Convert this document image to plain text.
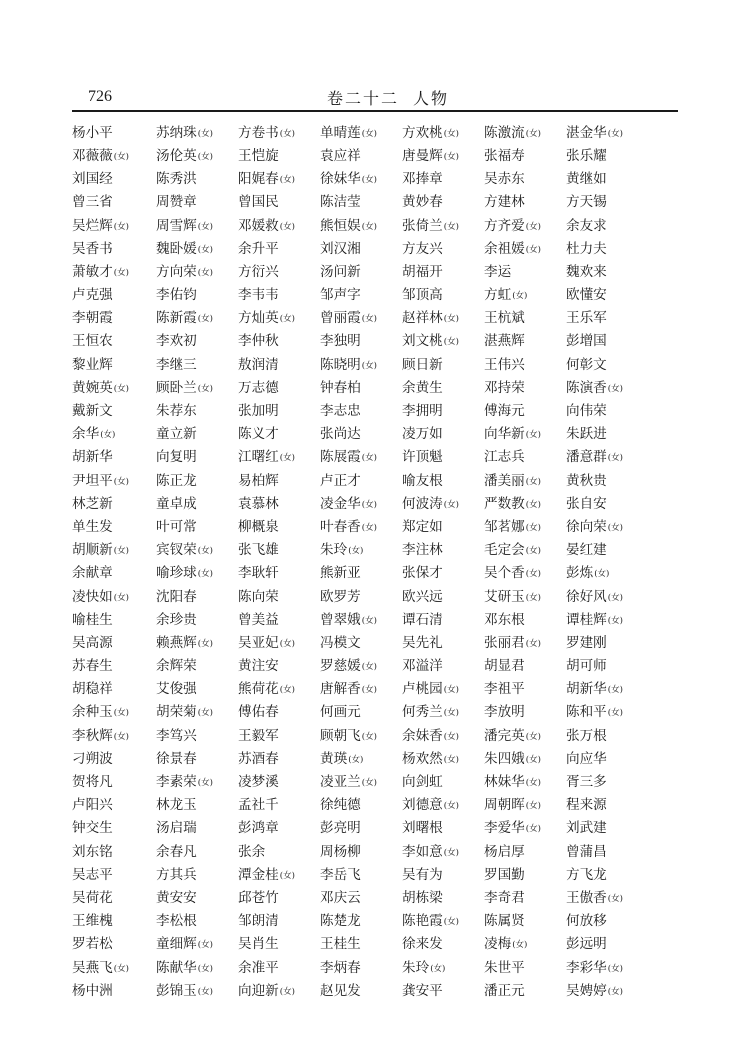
726	卷二十二 人物
杨小平	苏纳珠(女)	方卷书(女)	单晴莲(女)	方欢桃(女)	陈激流(女)	湛金华(女)
邓薇薇(女)	汤伦英(女)	王恺旋	袁应祥	唐曼辉(女)	张福寿	张乐耀
刘国经	陈秀洪	阳娓春(女)	徐妹华(女)	邓捧章	吴赤东	黄继如
曾三省	周赞章	曾国民	陈洁莹	黄妙春	方建林	方天锡
吴烂辉(女)	周雪辉(女)	邓媛救(女)	熊恒娱(女)	张倚兰(女)	方齐爱(女)	余友求
吴香书	魏卧媛(女)	余升平	刘汉湘	方友兴	余祖媛(女)	杜力夫
萧敏才(女)	方向荣(女)	方衍兴	汤问新	胡福开	李运	魏欢来
卢克强	李佑钧	李韦韦	邹声字	邹顶高	方虹(女)	欧懂安
李朝霞	陈新霞(女)	方灿英(女)	曾丽霞(女)	赵祥林(女)	王杭斌	王乐军
王恒农	李欢初	李仲秋	李独明	刘文桃(女)	湛燕辉	彭增国
黎业辉	李继三	敖润清	陈晓明(女)	顾日新	王伟兴	何彰文
黄婉英(女)	顾卧兰(女)	万志德	钟春柏	余黄生	邓持荣	陈演香(女)
戴新文	朱荐东	张加明	李志忠	李拥明	傅海元	向伟荣
余华(女)	童立新	陈义才	张尚达	凌万如	向华新(女)	朱跃进
胡新华	向复明	江曙红(女)	陈展霞(女)	许顶魁	江志兵	潘意群(女)
尹坦平(女)	陈正龙	易柏辉	卢正才	喻友根	潘美丽(女)	黄秋贵
林芝新	童卓成	袁慕林	凌金华(女)	何波涛(女)	严数教(女)	张自安
单生发	叶可常	柳概泉	叶春香(女)	郑定如	邹茗娜(女)	徐向荣(女)
胡顺新(女)	宾钗荣(女)	张飞雄	朱玲(女)	李注林	毛定会(女)	晏红建
余献章	喻珍球(女)	李耿轩	熊新亚	张保才	吴个香(女)	彭炼(女)
凌快如(女)	沈阳春	陈向荣	欧罗芳	欧兴远	艾研玉(女)	徐好风(女)
喻桂生	余珍贵	曾美益	曾翠娥(女)	谭石清	邓东根	谭桂辉(女)
吴高源	赖燕辉(女)	吴亚妃(女)	冯模文	吴先礼	张丽君(女)	罗建刚
苏春生	余辉荣	黄注安	罗慈媛(女)	邓溢洋	胡显君	胡可师
胡稳祥	艾俊强	熊荷花(女)	唐解香(女)	卢桃园(女)	李祖平	胡新华(女)
余种玉(女)	胡荣菊(女)	傅佑春	何画元	何秀兰(女)	李放明	陈和平(女)
李秋辉(女)	李笃兴	王毅军	顾朝飞(女)	余妹香(女)	潘完英(女)	张万根
刁朔波	徐景春	苏酒春	黄瑛(女)	杨欢然(女)	朱四娥(女)	向应华
贺将凡	李素荣(女)	凌梦溪	凌亚兰(女)	向剑虹	林妹华(女)	胥三多
卢阳兴	林龙玉	孟社千	徐纯德	刘德意(女)	周朝晖(女)	程来源
钟交生	汤启瑞	彭鸿章	彭亮明	刘曙根	李爱华(女)	刘武建
刘东铭	余春凡	张余	周杨柳	李如意(女)	杨启厚	曾蒲昌
吴志平	方其兵	潭金桂(女)	李岳飞	吴有为	罗国勤	方飞龙
吴荷花	黄安安	邱苍竹	邓庆云	胡栋梁	李奇君	王傲香(女)
王维槐	李松根	邹朗清	陈楚龙	陈艳霞(女)	陈属贤	何放移
罗若松	童细辉(女)	吴肖生	王桂生	徐来发	凌梅(女)	彭远明
吴燕飞(女)	陈献华(女)	余准平	李炳春	朱玲(女)	朱世平	李彩华(女)
杨中洲	彭锦玉(女)	向迎新(女)	赵见发	龚安平	潘正元	吴娉婷(女)
